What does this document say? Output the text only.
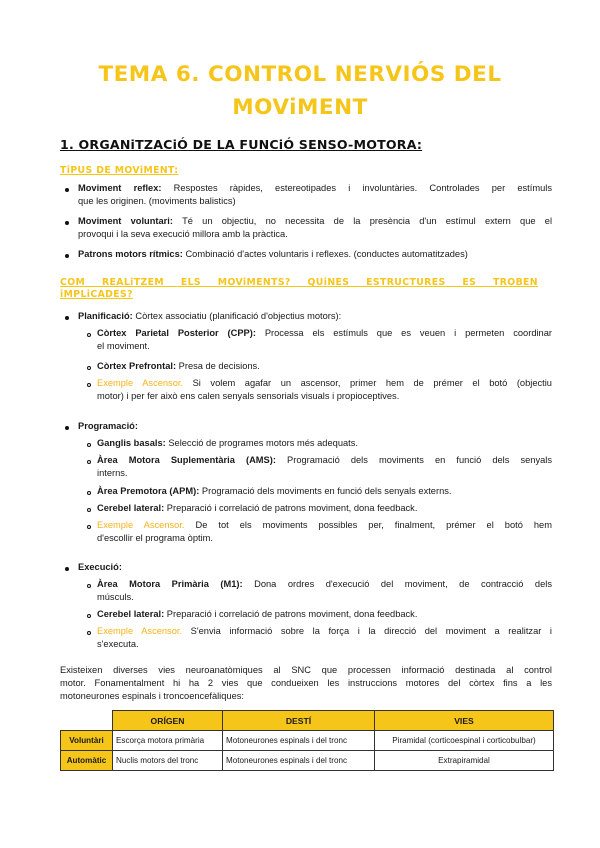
TEMA 6. CONTROL NERVIÓS DEL
MOViMENT
1. ORGANiTZACiÓ DE LA FUNCiÓ SENSO-MOTORA:
TiPUS DE MOViMENT:
Moviment reflex: Respostes ràpides, estereotipades i involuntàries. Controlades per estímuls
que les originen. (moviments balistics)
Moviment voluntari: Té un objectiu, no necessita de la presència d'un estímul extern que el
provoqui i la seva execució millora amb la pràctica.
Patrons motors rítmics: Combinació d'actes voluntaris i reflexes. (conductes automatitzades)
COM REALiTZEM ELS MOViMENTS? QUiNES ESTRUCTURES ES TROBEN
iMPLiCADES?
Planificació: Còrtex associatiu (planificació d'objectius motors):
Còrtex Parietal Posterior (CPP): Processa els estímuls que es veuen i permeten coordinar
el moviment.
Còrtex Prefrontal: Presa de decisions.
Exemple Ascensor. Si volem agafar un ascensor, primer hem de prémer el botó (objectiu
motor) i per fer això ens calen senyals sensorials visuals i propioceptives.
Programació:
Ganglis basals: Selecció de programes motors més adequats.
Àrea Motora Suplementària (AMS): Programació dels moviments en funció dels senyals
interns.
Àrea Premotora (APM): Programació dels moviments en funció dels senyals externs.
Cerebel lateral: Preparació i correlació de patrons moviment, dona feedback.
Exemple Ascensor. De tot els moviments possibles per, finalment, prémer el botó hem
d'escollir el programa òptim.
Execució:
Àrea Motora Primària (M1): Dona ordres d'execució del moviment, de contracció dels
músculs.
Cerebel lateral: Preparació i correlació de patrons moviment, dona feedback.
Exemple Ascensor. S'envia informació sobre la força i la direcció del moviment a realitzar i
s'executa.
Existeixen diverses vies neuroanatòmiques al SNC que processen informació destinada al control
motor. Fonamentalment hi ha 2 vies que condueixen les instruccions motores del còrtex fins a les
motoneurones espinals i troncoencefàliques:
	ORÍGEN	DESTÍ	VIES
Voluntàri	Escorça motora primària	Motoneurones espinals i del tronc	Piramidal (corticoespinal i corticobulbar)
Automàtic	Nuclis motors del tronc	Motoneurones espinals i del tronc	Extrapiramidal
